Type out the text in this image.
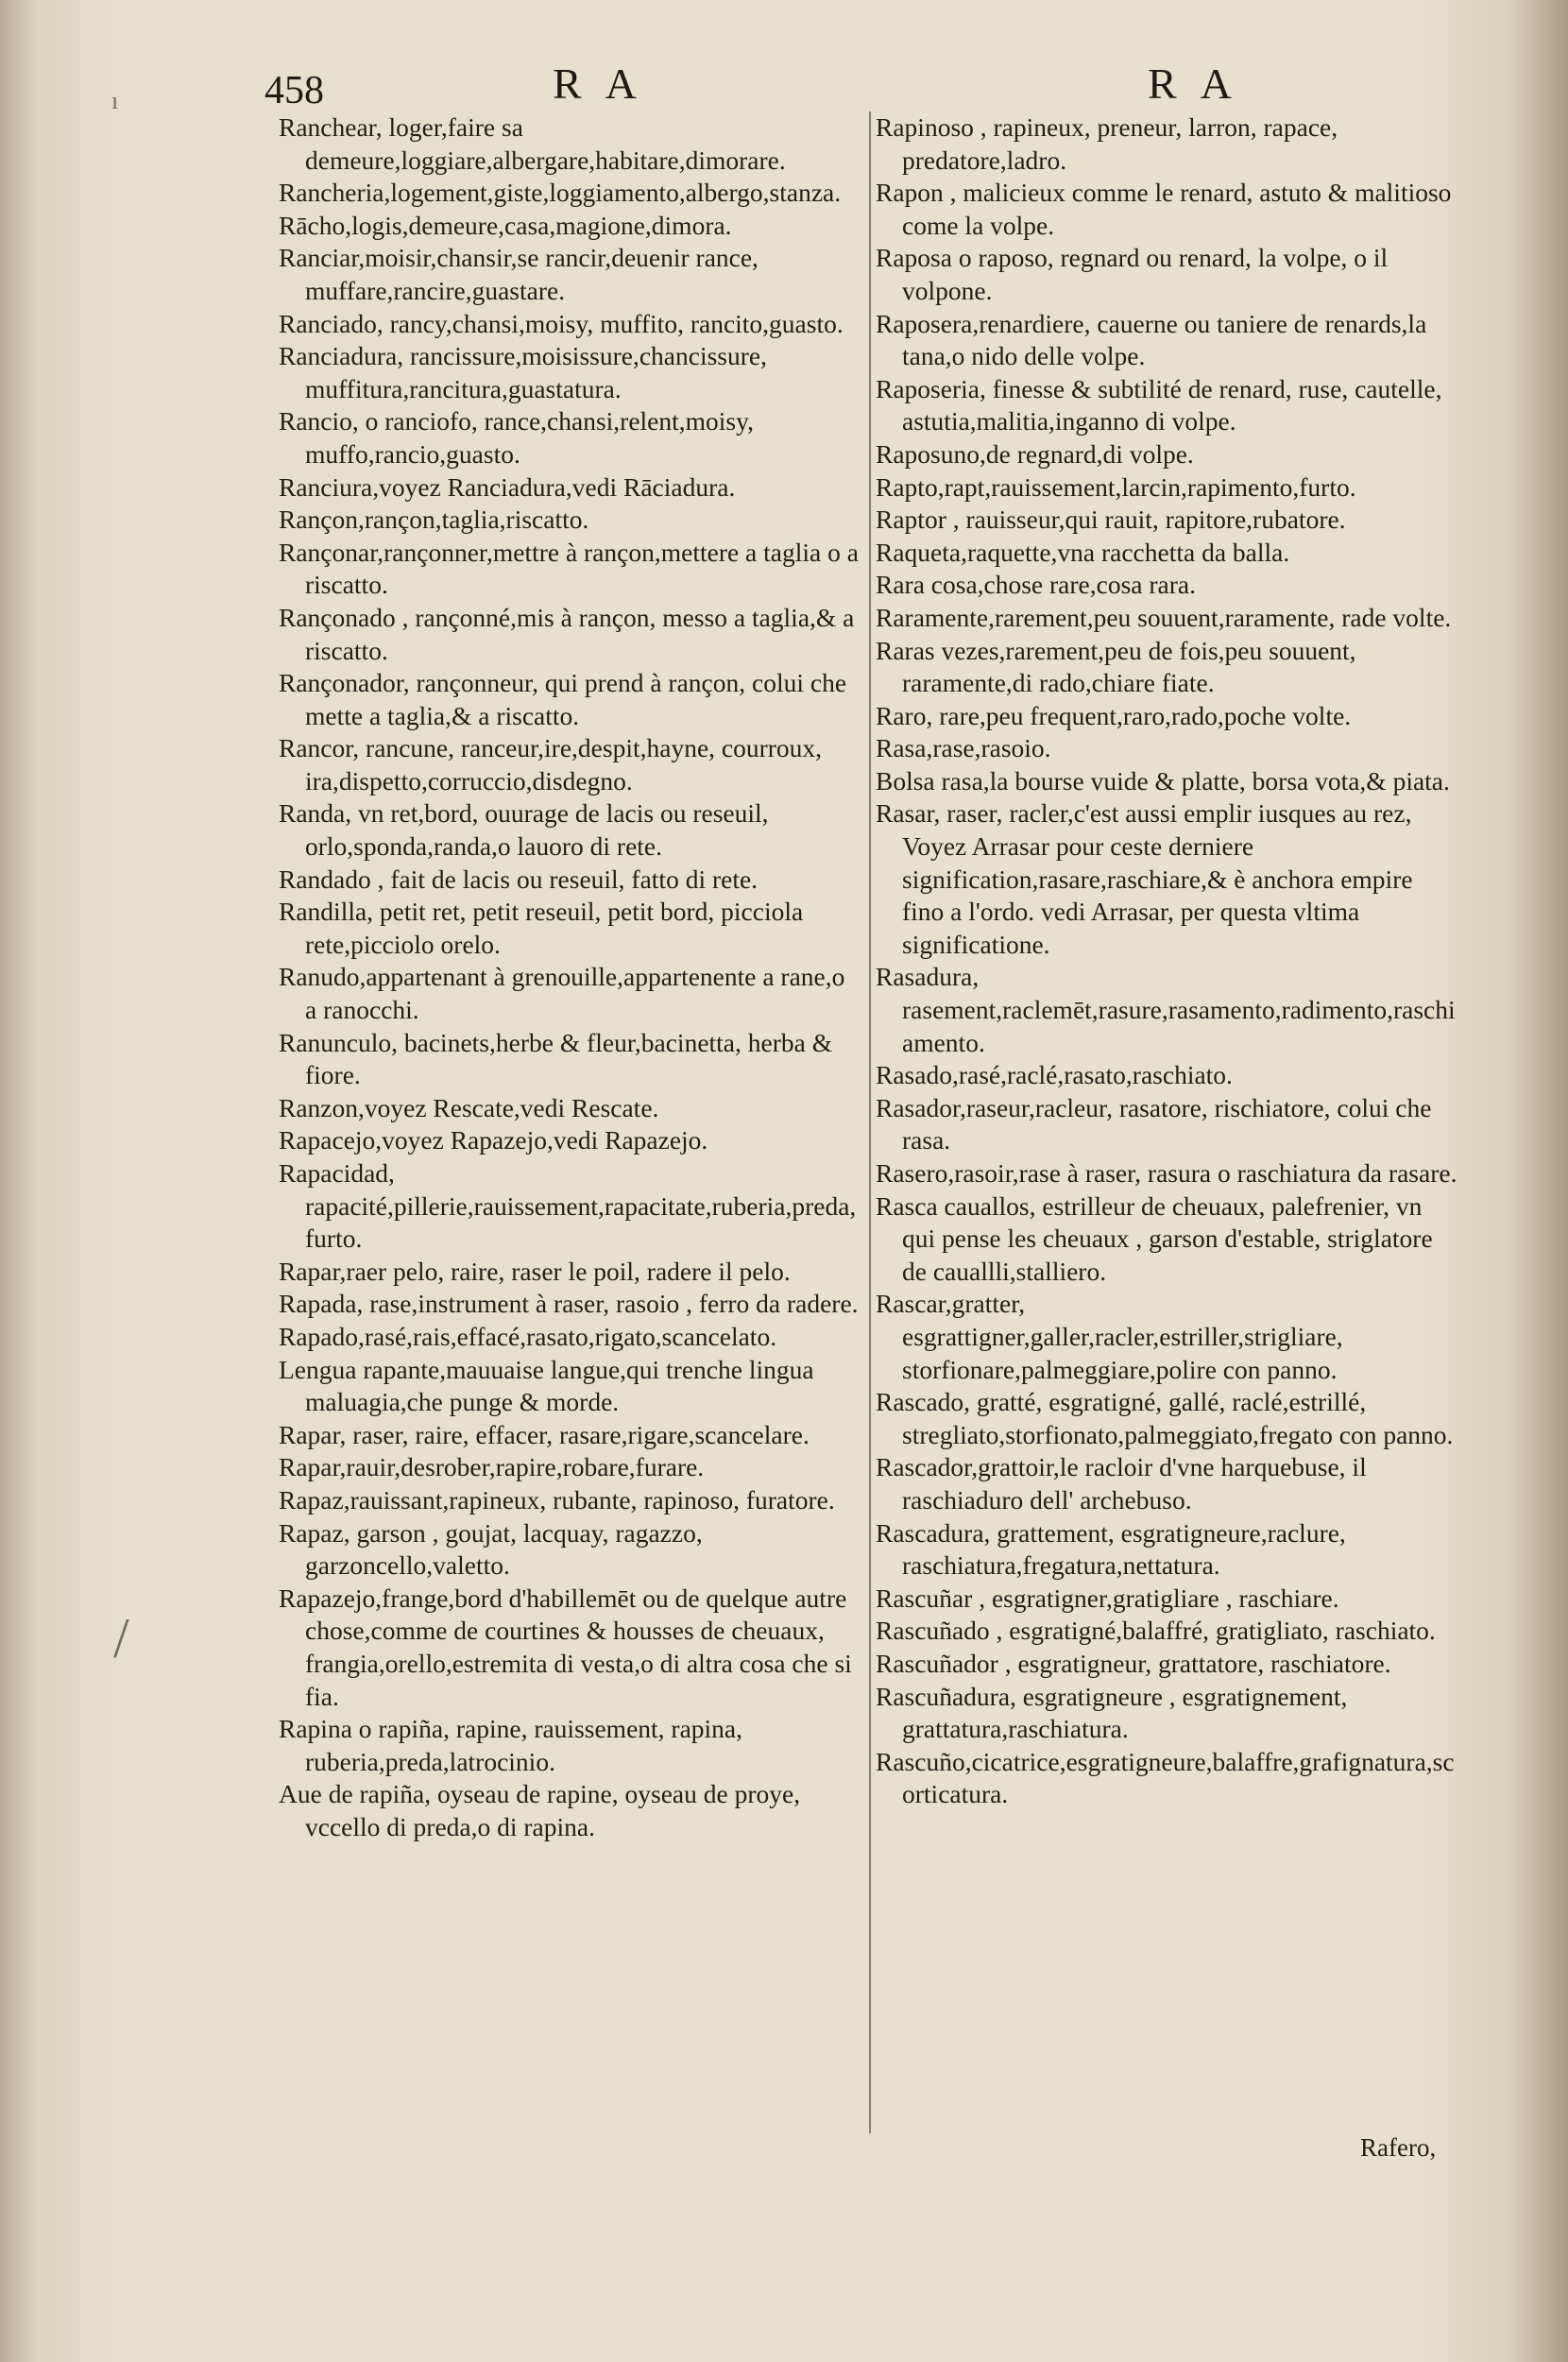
458	R A	R A

Ranchear, loger,faire sa demeure,loggiare,albergare,habitare,dimorare.

Rancheria,logement,giste,loggiamento,albergo,stanza.

Rācho,logis,demeure,casa,magione,dimora.

Ranciar,moisir,chansir,se rancir,deuenir rance, muffare,rancire,guastare.

Ranciado, rancy,chansi,moisy, muffito, rancito,guasto.

Ranciadura, rancissure,moisissure,chancissure, muffitura,rancitura,guastatura.

Rancio, o ranciofo, rance,chansi,relent,moisy, muffo,rancio,guasto.

Ranciura,voyez Ranciadura,vedi Rāciadura.

Rançon,rançon,taglia,riscatto.

Rançonar,rançonner,mettre à rançon,mettere a taglia o a riscatto.

Rançonado , rançonné,mis à rançon, messo a taglia,& a riscatto.

Rançonador, rançonneur, qui prend à rançon, colui che mette a taglia,& a riscatto.

Rancor, rancune, ranceur,ire,despit,hayne, courroux, ira,dispetto,corruccio,disdegno.

Randa, vn ret,bord, ouurage de lacis ou reseuil, orlo,sponda,randa,o lauoro di rete.

Randado , fait de lacis ou reseuil, fatto di rete.

Randilla, petit ret, petit reseuil, petit bord, picciola rete,picciolo orelo.

Ranudo,appartenant à grenouille,appartenente a rane,o a ranocchi.

Ranunculo, bacinets,herbe & fleur,bacinetta, herba & fiore.

Ranzon,voyez Rescate,vedi Rescate.

Rapacejo,voyez Rapazejo,vedi Rapazejo.

Rapacidad, rapacité,pillerie,rauissement,rapacitate,ruberia,preda,furto.

Rapar,raer pelo, raire, raser le poil, radere il pelo.

Rapada, rase,instrument à raser, rasoio , ferro da radere.

Rapado,rasé,rais,effacé,rasato,rigato,scancelato.

Lengua rapante,mauuaise langue,qui trenche lingua maluagia,che punge & morde.

Rapar, raser, raire, effacer, rasare,rigare,scancelare.

Rapar,rauir,desrober,rapire,robare,furare.

Rapaz,rauissant,rapineux, rubante, rapinoso, furatore.

Rapaz, garson , goujat, lacquay, ragazzo, garzoncello,valetto.

Rapazejo,frange,bord d'habillemēt ou de quelque autre chose,comme de courtines & housses de cheuaux, frangia,orello,estremita di vesta,o di altra cosa che si fia.

Rapina o rapiña, rapine, rauissement, rapina, ruberia,preda,latrocinio.

Aue de rapiña, oyseau de rapine, oyseau de proye, vccello di preda,o di rapina.

Rapinoso , rapineux, preneur, larron, rapace, predatore,ladro.

Rapon , malicieux comme le renard, astuto & malitioso come la volpe.

Raposa o raposo, regnard ou renard, la volpe, o il volpone.

Raposera,renardiere, cauerne ou taniere de renards,la tana,o nido delle volpe.

Raposeria, finesse & subtilité de renard, ruse, cautelle, astutia,malitia,inganno di volpe.

Raposuno,de regnard,di volpe.

Rapto,rapt,rauissement,larcin,rapimento,furto.

Raptor , rauisseur,qui rauit, rapitore,rubatore.

Raqueta,raquette,vna racchetta da balla.

Rara cosa,chose rare,cosa rara.

Raramente,rarement,peu souuent,raramente, rade volte.

Raras vezes,rarement,peu de fois,peu souuent, raramente,di rado,chiare fiate.

Raro, rare,peu frequent,raro,rado,poche volte.

Rasa,rase,rasoio.

Bolsa rasa,la bourse vuide & platte, borsa vota,& piata.

Rasar, raser, racler,c'est aussi emplir iusques au rez, Voyez Arrasar pour ceste derniere signification,rasare,raschiare,& è anchora empire fino a l'ordo. vedi Arrasar, per questa vltima significatione.

Rasadura, rasement,raclemēt,rasure,rasamento,radimento,raschiamento.

Rasado,rasé,raclé,rasato,raschiato.

Rasador,raseur,racleur, rasatore, rischiatore, colui che rasa.

Rasero,rasoir,rase à raser, rasura o raschiatura da rasare.

Rasca cauallos, estrilleur de cheuaux, palefrenier, vn qui pense les cheuaux , garson d'estable, striglatore de cauallli,stalliero.

Rascar,gratter, esgrattigner,galler,racler,estriller,strigliare, storfionare,palmeggiare,polire con panno.

Rascado, gratté, esgratigné, gallé, raclé,estrillé, stregliato,storfionato,palmeggiato,fregato con panno.

Rascador,grattoir,le racloir d'vne harquebuse, il raschiaduro dell' archebuso.

Rascadura, grattement, esgratigneure,raclure, raschiatura,fregatura,nettatura.

Rascuñar , esgratigner,gratigliare , raschiare.

Rascuñado , esgratigné,balaffré, gratigliato, raschiato.

Rascuñador , esgratigneur, grattatore, raschiatore.

Rascuñadura, esgratigneure , esgratignement, grattatura,raschiatura.

Rascuño,cicatrice,esgratigneure,balaffre,grafignatura,scorticatura.

Rafero,
ı
/
